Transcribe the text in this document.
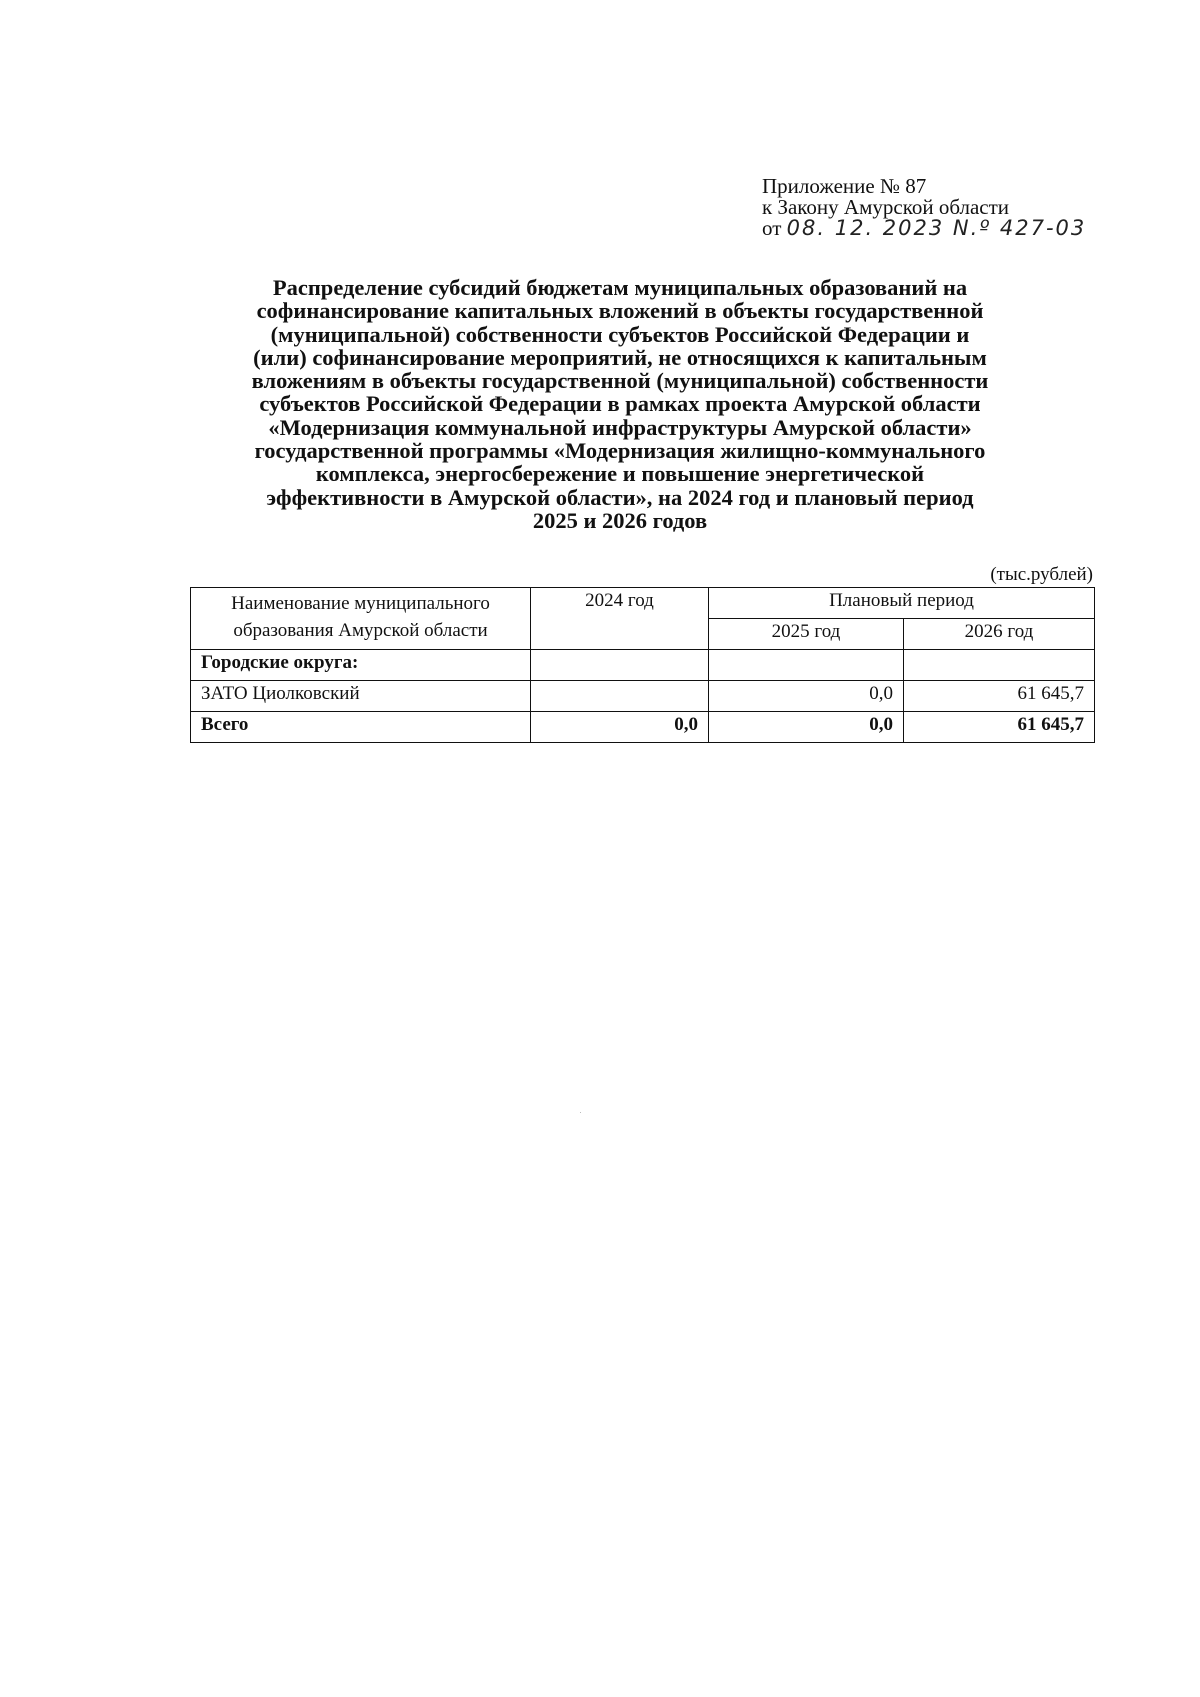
Приложение № 87
к Закону Амурской области
от 08. 12. 2023 N.º 427-03
Распределение субсидий бюджетам муниципальных образований на
софинансирование капитальных вложений в объекты государственной
(муниципальной) собственности субъектов Российской Федерации и
(или) софинансирование мероприятий, не относящихся к капитальным
вложениям в объекты государственной (муниципальной) собственности
субъектов Российской Федерации в рамках проекта Амурской области
«Модернизация коммунальной инфраструктуры Амурской области»
государственной программы «Модернизация жилищно-коммунального
комплекса, энергосбережение и повышение энергетической
эффективности в Амурской области», на 2024 год и плановый период
2025 и 2026 годов
(тыс.рублей)
Наименование муниципального образования Амурской области	2024 год	Плановый период	
		2025 год	2026 год
Городские округа:			
ЗАТО Циолковский		0,0	61 645,7
Всего	0,0	0,0	61 645,7
